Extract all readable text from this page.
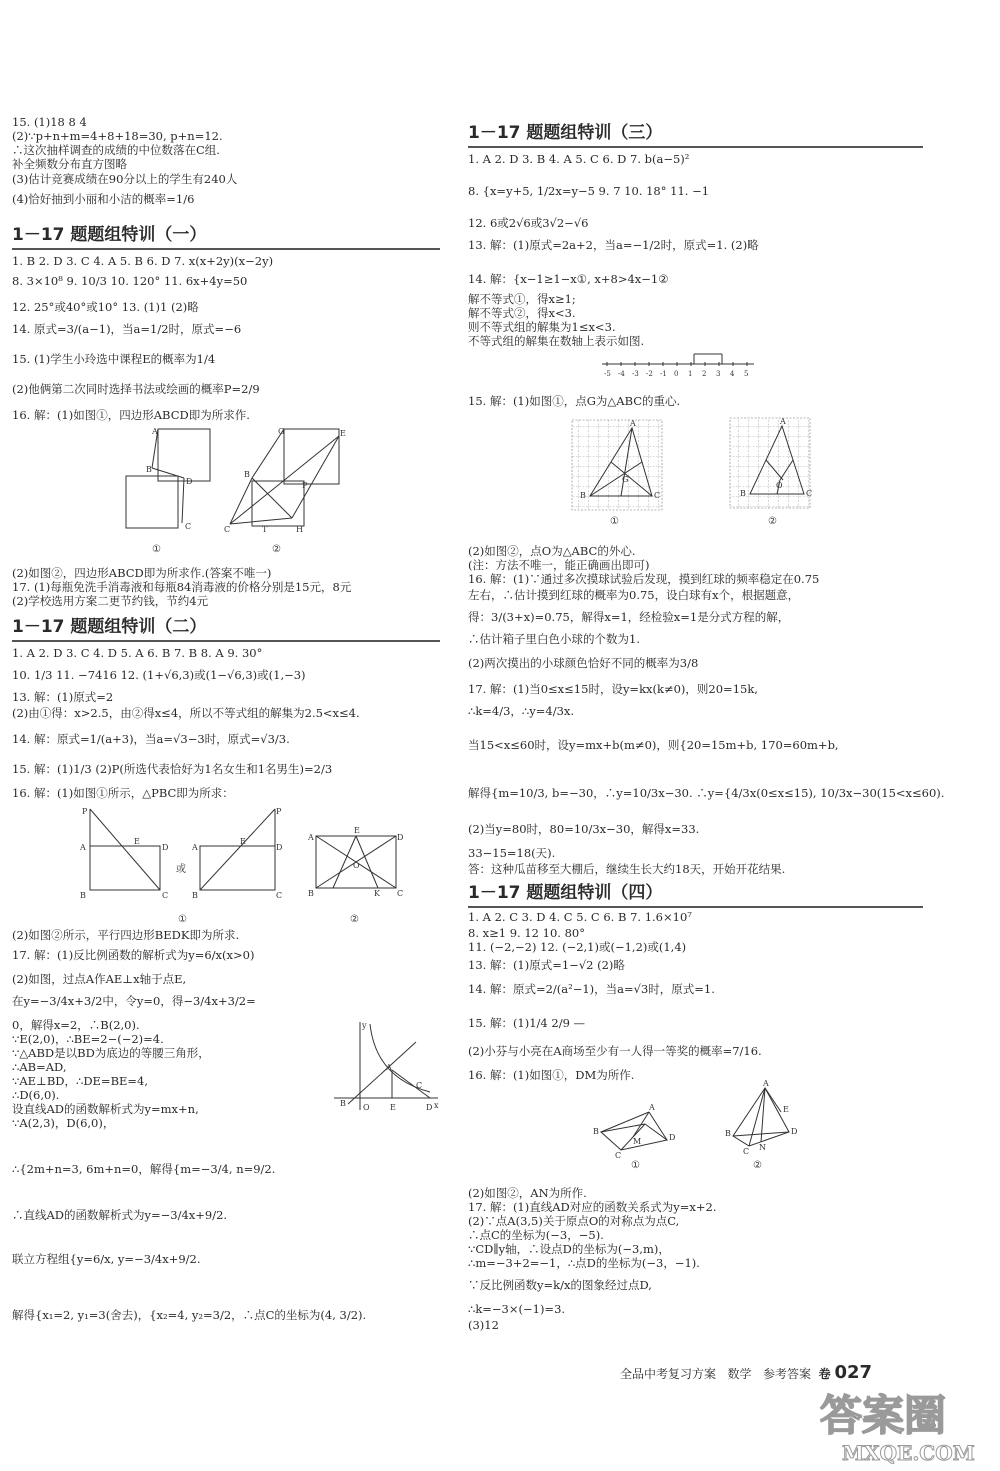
15. (1)18 8 4
(2)∵p+n+m=4+8+18=30, p+n=12.
∴这次抽样调查的成绩的中位数落在C组.
补全频数分布直方图略
(3)估计竞赛成绩在90分以上的学生有240人
(4)恰好抽到小丽和小洁的概率=1/6
1－17 题题组特训（一）
1. B 2. D 3. C 4. A 5. B 6. D 7. x(x+2y)(x−2y)
8. 3×10⁸ 9. 10/3 10. 120° 11. 6x+4y=50
12. 25°或40°或10° 13. (1)1 (2)略
14. 原式=3/(a−1)，当a=1/2时，原式=−6
15. (1)学生小玲选中课程E的概率为1/4
(2)他俩第二次同时选择书法或绘画的概率P=2/9
16. 解：(1)如图①，四边形ABCD即为所求作.
A
B
D
C
G	E
B
C	T	H
P
①	②
(2)如图②，四边形ABCD即为所求作.(答案不唯一)
17. (1)每瓶免洗手消毒液和每瓶84消毒液的价格分别是15元，8元
(2)学校选用方案二更节约钱，节约4元
1－17 题题组特训（二）
1. A 2. D 3. C 4. D 5. A 6. B 7. B 8. A 9. 30°
10. 1/3 11. −7416 12. (1+√6,3)或(1−√6,3)或(1,−3)
13. 解：(1)原式=2
(2)由①得：x>2.5，由②得x≤4，所以不等式组的解集为2.5<x≤4.
14. 解：原式=1/(a+3)，当a=√3−3时，原式=√3/3.
15. 解：(1)1/3 (2)P(所选代表恰好为1名女生和1名男生)=2/3
16. 解：(1)如图①所示，△PBC即为所求：
P
A
E
D
B	C
P
A
E
D
B	C
E
A	D
O
B	K C
或
①	②
(2)如图②所示，平行四边形BEDK即为所求.
17. 解：(1)反比例函数的解析式为y=6/x(x>0)
(2)如图，过点A作AE⊥x轴于点E,
在y=−3/4x+3/2中，令y=0，得−3/4x+3/2=
0，解得x=2，∴B(2,0).
∵E(2,0)，∴BE=2−(−2)=4.
∵△ABD是以BD为底边的等腰三角形，
∴AB=AD,
∵AE⊥BD，∴DE=BE=4,
∴D(6,0).
设直线AD的函数解析式为y=mx+n,
∵A(2,3)，D(6,0)，
∴{2m+n=3, 6m+n=0，解得{m=−3/4, n=9/2.
∴直线AD的函数解析式为y=−3/4x+9/2.
联立方程组{y=6/x, y=−3/4x+9/2.
解得{x₁=2, y₁=3(舍去)，{x₂=4, y₂=3/2，∴点C的坐标为(4, 3/2).
y
A
B O	E	D x
C
1－17 题题组特训（三）
1. A 2. D 3. B 4. A 5. C 6. D 7. b(a−5)²
8. {x=y+5, 1/2x=y−5 9. 7 10. 18° 11. −1
12. 6或2√6或3√2−√6
13. 解：(1)原式=2a+2，当a=−1/2时，原式=1. (2)略
14. 解：{x−1≥1−x①, x+8>4x−1②
解不等式①，得x≥1;
解不等式②，得x<3.
则不等式组的解集为1≤x<3.
不等式组的解集在数轴上表示如图.
-5 -4 -3 -2 -1 0 1 2 3 4 5
15. 解：(1)如图①，点G为△ABC的重心.
A
B	C
G
A
B	C
O
①	②
(2)如图②，点O为△ABC的外心.
(注：方法不唯一，能正确画出即可)
16. 解：(1)∵通过多次摸球试验后发现，摸到红球的频率稳定在0.75
左右，∴估计摸到红球的概率为0.75，设白球有x个，根据题意，
得：3/(3+x)=0.75，解得x=1，经检验x=1是分式方程的解，
∴估计箱子里白色小球的个数为1.
(2)两次摸出的小球颜色恰好不同的概率为3/8
17. 解：(1)当0≤x≤15时，设y=kx(k≠0)，则20=15k,
∴k=4/3，∴y=4/3x.
当15<x≤60时，设y=mx+b(m≠0)，则{20=15m+b, 170=60m+b,
解得{m=10/3, b=−30，∴y=10/3x−30. ∴y={4/3x(0≤x≤15), 10/3x−30(15<x≤60).
(2)当y=80时，80=10/3x−30，解得x=33.
33−15=18(天).
答：这种瓜苗移至大棚后，继续生长大约18天，开始开花结果.
1－17 题题组特训（四）
1. A 2. C 3. D 4. C 5. C 6. B 7. 1.6×10⁷
8. x≥1 9. 12 10. 80°
11. (−2,−2) 12. (−2,1)或(−1,2)或(1,4)
13. 解：(1)原式=1−√2 (2)略
14. 解：原式=2/(a²−1)，当a=√3时，原式=1.
15. 解：(1)1/4 2/9 —
(2)小芬与小亮在A商场至少有一人得一等奖的概率=7/16.
16. 解：(1)如图①，DM为所作.
B
A
D
C
M
A
B
C
D
E
N
①	②
(2)如图②，AN为所作.
17. 解：(1)直线AD对应的函数关系式为y=x+2.
(2)∵点A(3,5)关于原点O的对称点为点C,
∴点C的坐标为(−3，−5).
∵CD∥y轴，∴设点D的坐标为(−3,m)，
∴m=−3+2=−1，∴点D的坐标为(−3，−1).
∵反比例函数y=k/x的图象经过点D,
∴k=−3×(−1)=3.
(3)12
全品中考复习方案 数学 参考答案 卷 027
答案圈
MXQE.COM
